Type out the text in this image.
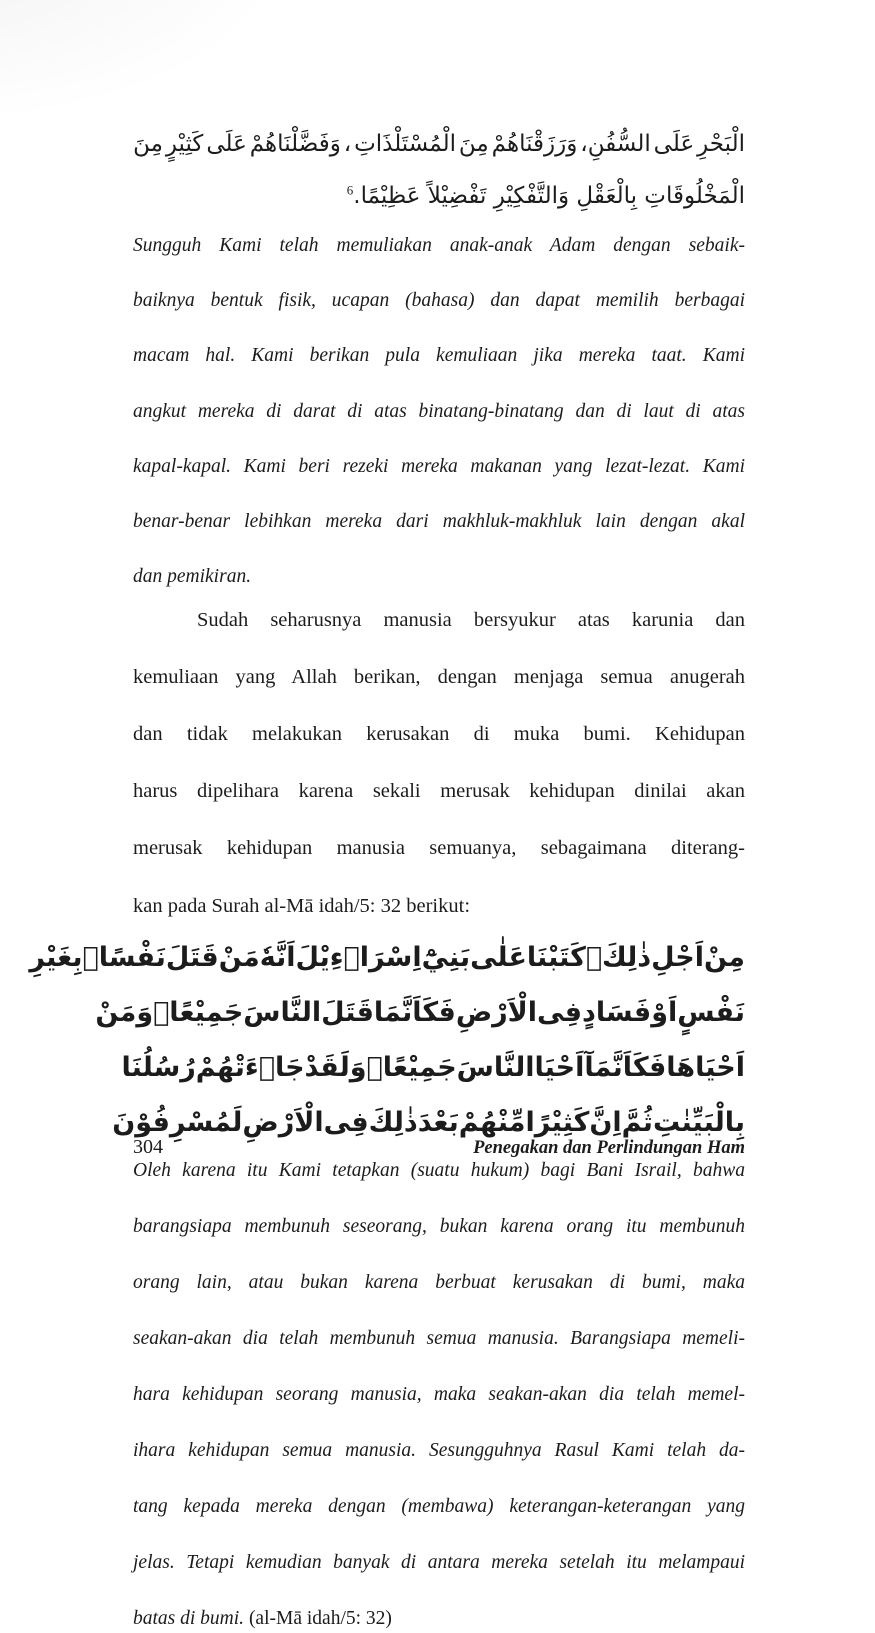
الْبَحْرِ
عَلَى
السُّفُنِ،
وَرَزَقْنَاهُمْ
مِنَ
الْمُسْتَلْذَاتِ
،
وَفَضَّلْنَاهُمْ
عَلَى
كَثِيْرٍ
مِنَ
الْمَخْلُوقَاتِ بِالْعَقْلِ وَالتَّفْكِيْرِ تَفْضِيْلاً عَظِيْمًا.$^6$
Sungguh Kami telah memuliakan anak-anak Adam dengan sebaik-
baiknya bentuk fisik, ucapan (bahasa) dan dapat memilih berbagai
macam hal. Kami berikan pula kemuliaan jika mereka taat. Kami
angkut mereka di darat di atas binatang-binatang dan di laut di atas
kapal-kapal. Kami beri rezeki mereka makanan yang lezat-lezat. Kami
benar-benar lebihkan mereka dari makhluk-makhluk lain dengan akal
dan pemikiran.
Sudah seharusnya manusia bersyukur atas karunia dan
kemuliaan yang Allah berikan, dengan menjaga semua anugerah
dan tidak melakukan kerusakan di muka bumi. Kehidupan
harus dipelihara karena sekali merusak kehidupan dinilai akan
merusak kehidupan manusia semuanya, sebagaimana diterang-
kan pada Surah al-Mā idah/5: 32 berikut:
مِنْ
اَجْلِ
ذٰلِكَۛ
كَتَبْنَا
عَلٰى
بَنِيْٓ
اِسْرَاۤءِيْلَ
اَنَّهٗ
مَنْ
قَتَلَ
نَفْسًاۢ
بِغَيْرِ
نَفْسٍ
اَوْ
فَسَادٍ
فِى
الْاَرْضِ
فَكَاَنَّمَا
قَتَلَ
النَّاسَ
جَمِيْعًاۗ
وَمَنْ
اَحْيَاهَا
فَكَاَنَّمَآ
اَحْيَا
النَّاسَ
جَمِيْعًاۗ
وَلَقَدْ
جَاۤءَتْهُمْ
رُسُلُنَا
بِالْبَيِّنٰتِ
ثُمَّ
اِنَّ
كَثِيْرًا
مِّنْهُمْ
بَعْدَ
ذٰلِكَ
فِى
الْاَرْضِ
لَمُسْرِفُوْنَ
Oleh karena itu Kami tetapkan (suatu hukum) bagi Bani Israil, bahwa
barangsiapa membunuh seseorang, bukan karena orang itu membunuh
orang lain, atau bukan karena berbuat kerusakan di bumi, maka
seakan-akan dia telah membunuh semua manusia. Barangsiapa memeli-
hara kehidupan seorang manusia, maka seakan-akan dia telah memel-
ihara kehidupan semua manusia. Sesungguhnya Rasul Kami telah da-
tang kepada mereka dengan (membawa) keterangan-keterangan yang
jelas. Tetapi kemudian banyak di antara mereka setelah itu melampaui
batas di bumi. (al-Mā idah/5: 32)
304	Penegakan dan Perlindungan Ham
